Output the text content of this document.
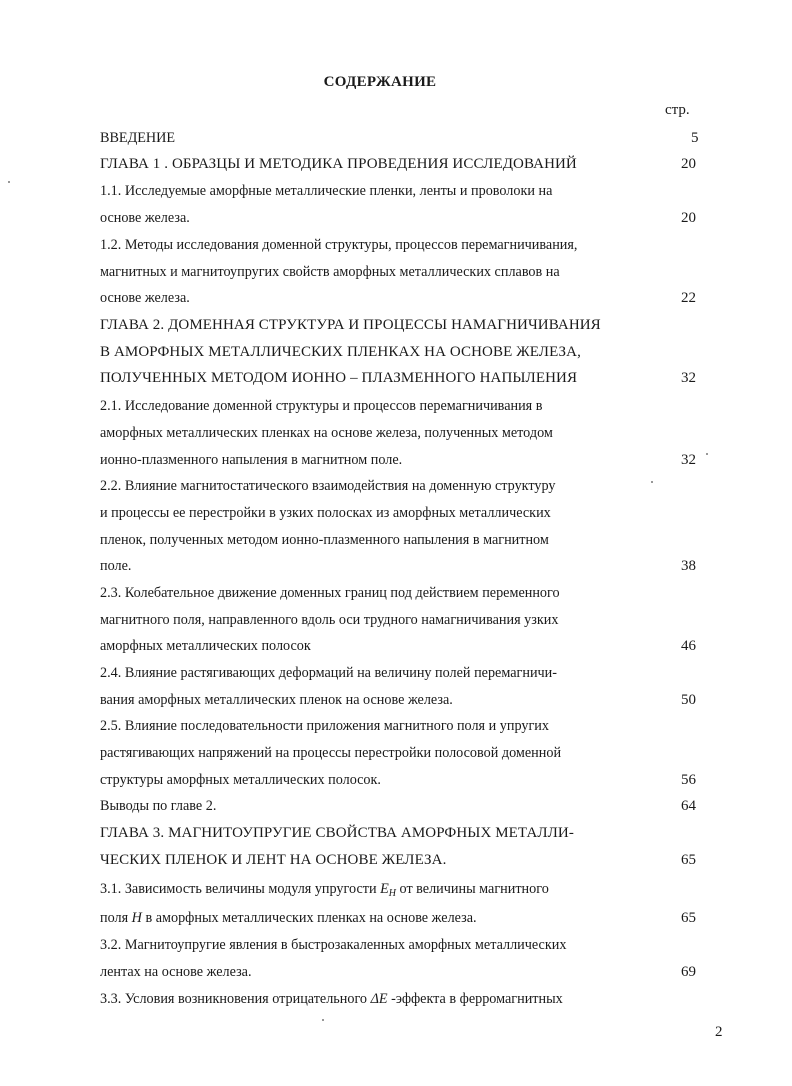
СОДЕРЖАНИЕ
стр.
ВВЕДЕНИЕ	5
ГЛАВА 1 . ОБРАЗЦЫ И МЕТОДИКА ПРОВЕДЕНИЯ ИССЛЕДОВАНИЙ	20
1.1. Исследуемые аморфные металлические пленки, ленты и проволоки на
основе железа.	20
1.2. Методы исследования доменной структуры, процессов перемагничивания,
магнитных и магнитоупругих свойств аморфных металлических сплавов на
основе железа.	22
ГЛАВА 2. ДОМЕННАЯ СТРУКТУРА И ПРОЦЕССЫ НАМАГНИЧИВАНИЯ
В АМОРФНЫХ МЕТАЛЛИЧЕСКИХ ПЛЕНКАХ НА ОСНОВЕ ЖЕЛЕЗА,
ПОЛУЧЕННЫХ МЕТОДОМ ИОННО – ПЛАЗМЕННОГО НАПЫЛЕНИЯ	32
2.1. Исследование доменной структуры и процессов перемагничивания в
аморфных металлических пленках на основе железа, полученных методом
ионно-плазменного напыления в магнитном поле.	32
2.2. Влияние магнитостатического взаимодействия на доменную структуру
и процессы ее перестройки в узких полосках из аморфных металлических
пленок, полученных методом ионно-плазменного напыления в магнитном
поле.	38
2.3. Колебательное движение доменных границ под действием переменного
магнитного поля, направленного вдоль оси трудного намагничивания узких
аморфных металлических полосок	46
2.4. Влияние растягивающих деформаций на величину полей перемагничи-
вания аморфных металлических пленок на основе железа.	50
2.5. Влияние последовательности приложения магнитного поля и упругих
растягивающих напряжений на процессы перестройки полосовой доменной
структуры аморфных металлических полосок.	56
Выводы по главе 2.	64
ГЛАВА 3. МАГНИТОУПРУГИЕ СВОЙСТВА АМОРФНЫХ МЕТАЛЛИ-
ЧЕСКИХ ПЛЕНОК И ЛЕНТ НА ОСНОВЕ ЖЕЛЕЗА.	65
3.1. Зависимость величины модуля упругости $E_H$ от величины магнитного
поля H в аморфных металлических пленках на основе железа.	65
3.2. Магнитоупругие явления в быстрозакаленных аморфных металлических
лентах на основе железа.	69
3.3. Условия возникновения отрицательного ΔE -эффекта в ферромагнитных
2
